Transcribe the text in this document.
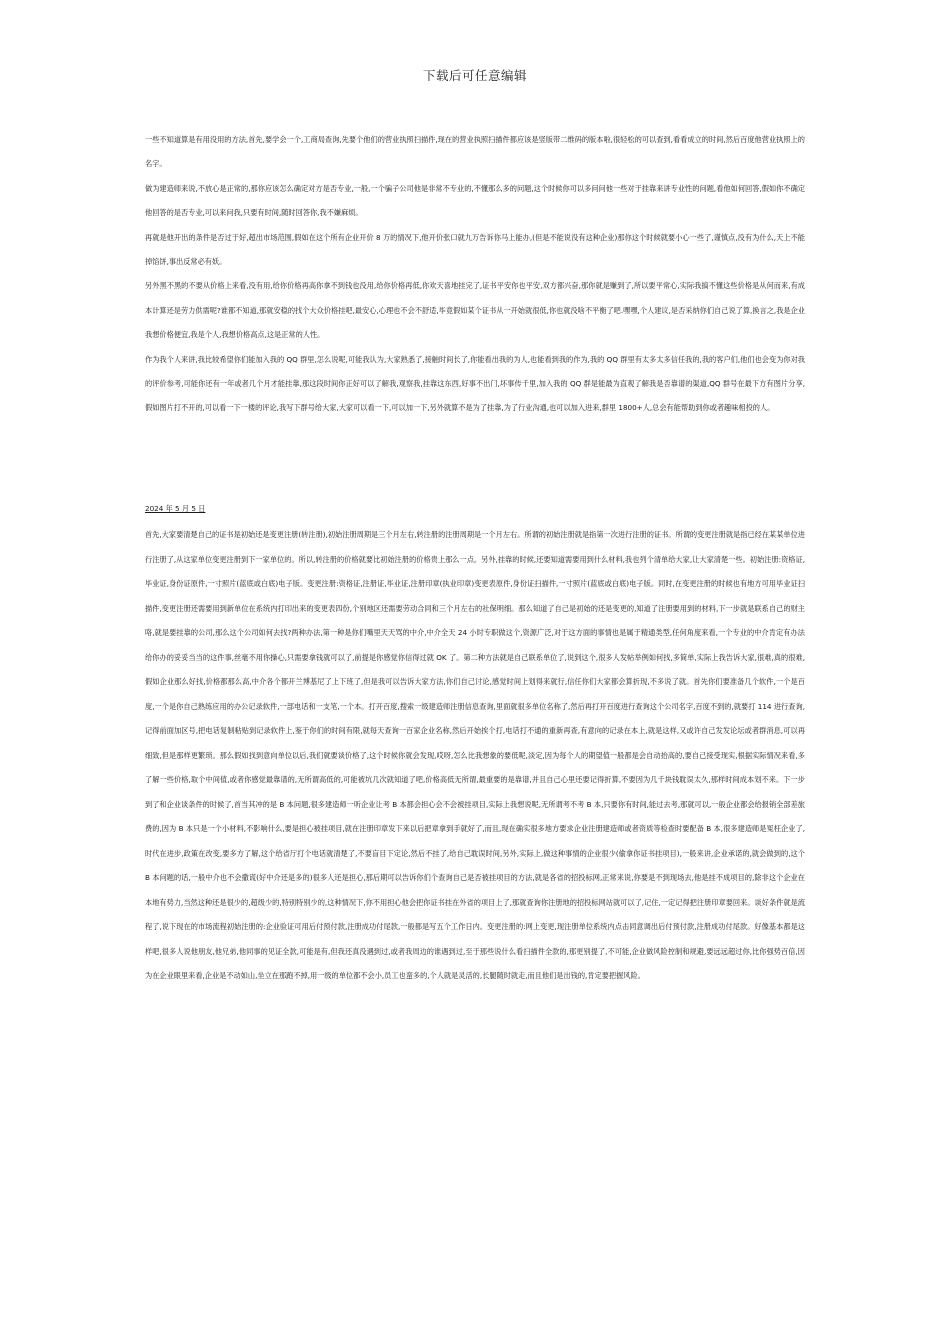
下载后可任意编辑

一些不知道算是有用没用的方法,首先,要学会一个,工商局查询,先要个他们的营业执照扫描件,现在的营业执照扫描件都应该是竖版带二维码的版本啦,很轻松的可以查到,看看成立的时间,然后百度他营业执照上的名字。

做为建造师来说,不放心是正常的,那你应该怎么确定对方是否专业,一般,一个骗子公司他是非常不专业的,不懂那么多的问题,这个时候你可以多问问他一些对于挂靠来讲专业性的问题,看他如何回答,假如你不确定他回答的是否专业,可以来问我,只要有时间,随时回答你,我不嫌麻烦。

再就是他开出的条件是否过于好,超出市场范围,假如在这个所有企业开价 8 万的情况下,他开价张口就九万告诉你马上能办,(但是不能说没有这种企业)那你这个时候就要小心一些了,谨慎点,没有为什么,天上不能掉馅饼,事出反常必有妖。

另外黑不黑的不要从价格上来看,没有用,给你价格再高你拿不到钱也没用,给你价格再低,你欢天喜地挂完了,证书平安你也平安,双方都兴奋,那你就是赚到了,所以要平常心,实际我搞不懂这些价格是从何而来,有成本计算还是劳力供需呢?谁都不知道,那就安稳的找个大众价格挂吧,最安心,心理也不会不舒适,毕竟假如某个证书从一开始就很低,你也就没啥不平衡了吧.嘿嘿,个人建议,是否采纳你们自己说了算,换言之,我是企业我想价格便宜,我是个人,我想价格高点,这是正常的人性。

作为我个人来讲,我比较希望你们能加入我的 QQ 群里,怎么说呢,可能我认为,大家熟悉了,接触时间长了,你能看出我的为人,也能看到我的作为,我的 QQ 群里有太多太多信任我的,我的客户们,他们也会变为你对我的评价参考,可能你还有一年或者几个月才能挂靠,那这段时间你正好可以了解我,观察我,挂靠这东西,好事不出门,坏事传千里,加入我的 QQ 群是能最为直观了解我是否靠谱的渠道,QQ 群号在最下方有图片分享,假如图片打不开的,可以看一下一楼的评论,我写下群号给大家,大家可以看一下,可以加一下,另外就算不是为了挂靠,为了行业沟通,也可以加入进来,群里 1800+人,总会有能帮助到你或者趣味相投的人。

2024 年 5 月 5 日

首先,大家要清楚自己的证书是初始还是变更注册(转注册),初始注册周期是三个月左右,转注册的注册周期是一个月左右。所谓的初始注册就是指第一次进行注册的证书。所谓的变更注册就是指已经在某某单位进行注册了,从这家单位变更注册到下一家单位的。所以,转注册的价格就要比初始注册的价格贵上那么一点。另外,挂靠的时候,还要知道需要用到什么材料,我也列个清单给大家,让大家清楚一些。初始注册:资格证,毕业证,身份证原件,一寸照片(蓝底或白底)电子版。变更注册:资格证,注册证,毕业证,注册印章(执业印章)变更表原件,身份证扫描件,一寸照片(蓝底或白底)电子版。同时,在变更注册的时候也有地方可用毕业证扫描件,变更注册还需要用到新单位在系统内打印出来的变更表四份,个别地区还需要劳动合同和三个月左右的社保明细。那么知道了自己是初始的还是变更的,知道了注册要用到的材料,下一步就是联系自己的财主咯,就是要挂靠的公司,那么这个公司如何去找?两种办法,第一种是你们嘴里天天骂的中介,中介全天 24 小时专职做这个,资源广泛,对于这方面的事情也是属于精通类型,任何角度来看,一个专业的中介肯定有办法给你办的妥妥当当的这件事,丝毫不用你操心,只需要拿钱就可以了,前提是你感觉你信得过就 OK 了。第二种方法就是自己联系单位了,说到这个,很多人发帖举例如何找,多简单,实际上我告诉大家,很难,真的很难,假如企业那么好找,价格都那么高,中介各个都开兰博基尼了上下班了,但是我可以告诉大家方法,你们自己讨论,感觉时间上划得来就行,信任你们大家都会算折现,不多说了就。首先你们要准备几个软件,一个是百度,一个是你自己熟练应用的办公记录软件,一部电话和一支笔,一个本。打开百度,搜索一级建造师注册信息查询,里面就很多单位名称了,然后再打开百度进行查询这个公司名字,百度不到的,就要打 114 进行查询,记得前面加区号,把电话复制粘贴到记录软件上,鉴于你们的时间有限,就每天查询一百家企业名称,然后开始挨个打,电话打不通的重新再查,有意向的记录在本上,就是这样,又或许自己发发论坛或者群消息,可以再细致,但是那样更繁琐。那么假如找到意向单位以后,我们就要谈价格了,这个时候你就会发现,哎呀,怎么比我想象的要低呢,淡定,因为每个人的期望值一般都是会自动抬高的,要自己接受现实,根据实际情况来看,多了解一些价格,取个中间值,或者你感觉最靠谱的,无所谓高低的,可能被坑几次就知道了吧,价格高低无所谓,最重要的是靠谱,并且自己心里还要记得折算,不要因为几千块钱耽误太久,那样时间成本划不来。下一步到了和企业谈条件的时候了,首当其冲的是 B 本问题,很多建造师一听企业让考 B 本都会担心会不会被挂项目,实际上我想说呢,无所谓考不考 B 本,只要你有时间,能过去考,那就可以,一般企业都会给报销全部差旅费的,因为 B 本只是一个小材料,不影响什么,要是担心被挂项目,就在注册印章发下来以后把章拿到手就好了,而且,现在确实很多地方要求企业注册建造师或者资质等检查时要配备 B 本,很多建造师是冤枉企业了,时代在进步,政策在改变,要多方了解,这个给省厅打个电话就清楚了,不要盲目下定论,然后不挂了,给自己耽误时间,另外,实际上,做这种事情的企业很少(偷拿你证书挂项目),一般来讲,企业承诺的,就会做到的,这个 B 本问题的话,一般中介也不会撒谎(好中介还是多的)很多人还是担心,那后期可以告诉你们个查询自己是否被挂项目的方法,就是各省的招投标网,正常来说,你要是不到现场去,他是挂不成项目的,除非这个企业在本地有势力,当然这种还是很少的,超级少的,特别特别少的,这种情况下,你不用担心他会把你证书挂在外省的项目上了,那就查询你注册地的招投标网站就可以了,记住,一定记得把注册印章要回来。谈好条件就是流程了,说下现在的市场流程初始注册的:企业验证可用后付预付款,注册成功付尾款,一般都是写五个工作日内。变更注册的:网上变更,现注册单位系统内点击同意调出后付预付款,注册成功付尾款。好像基本都是这样吧,很多人说他朋友,他兄弟,他同事的见证全款,可能是有,但我还真没遇到过,或者我周边的谁遇到过,至于那些说什么看扫描件全款的,那更别提了,不可能,企业做风险控制和规避,要远远超过你,比你强势百倍,因为在企业眼里来看,企业是不动如山,坐立在那跑不掉,用一级的单位都不会小,员工也蛮多的,个人就是灵活的,长腿随时就走,而且他们是出钱的,肯定要把握风险。
